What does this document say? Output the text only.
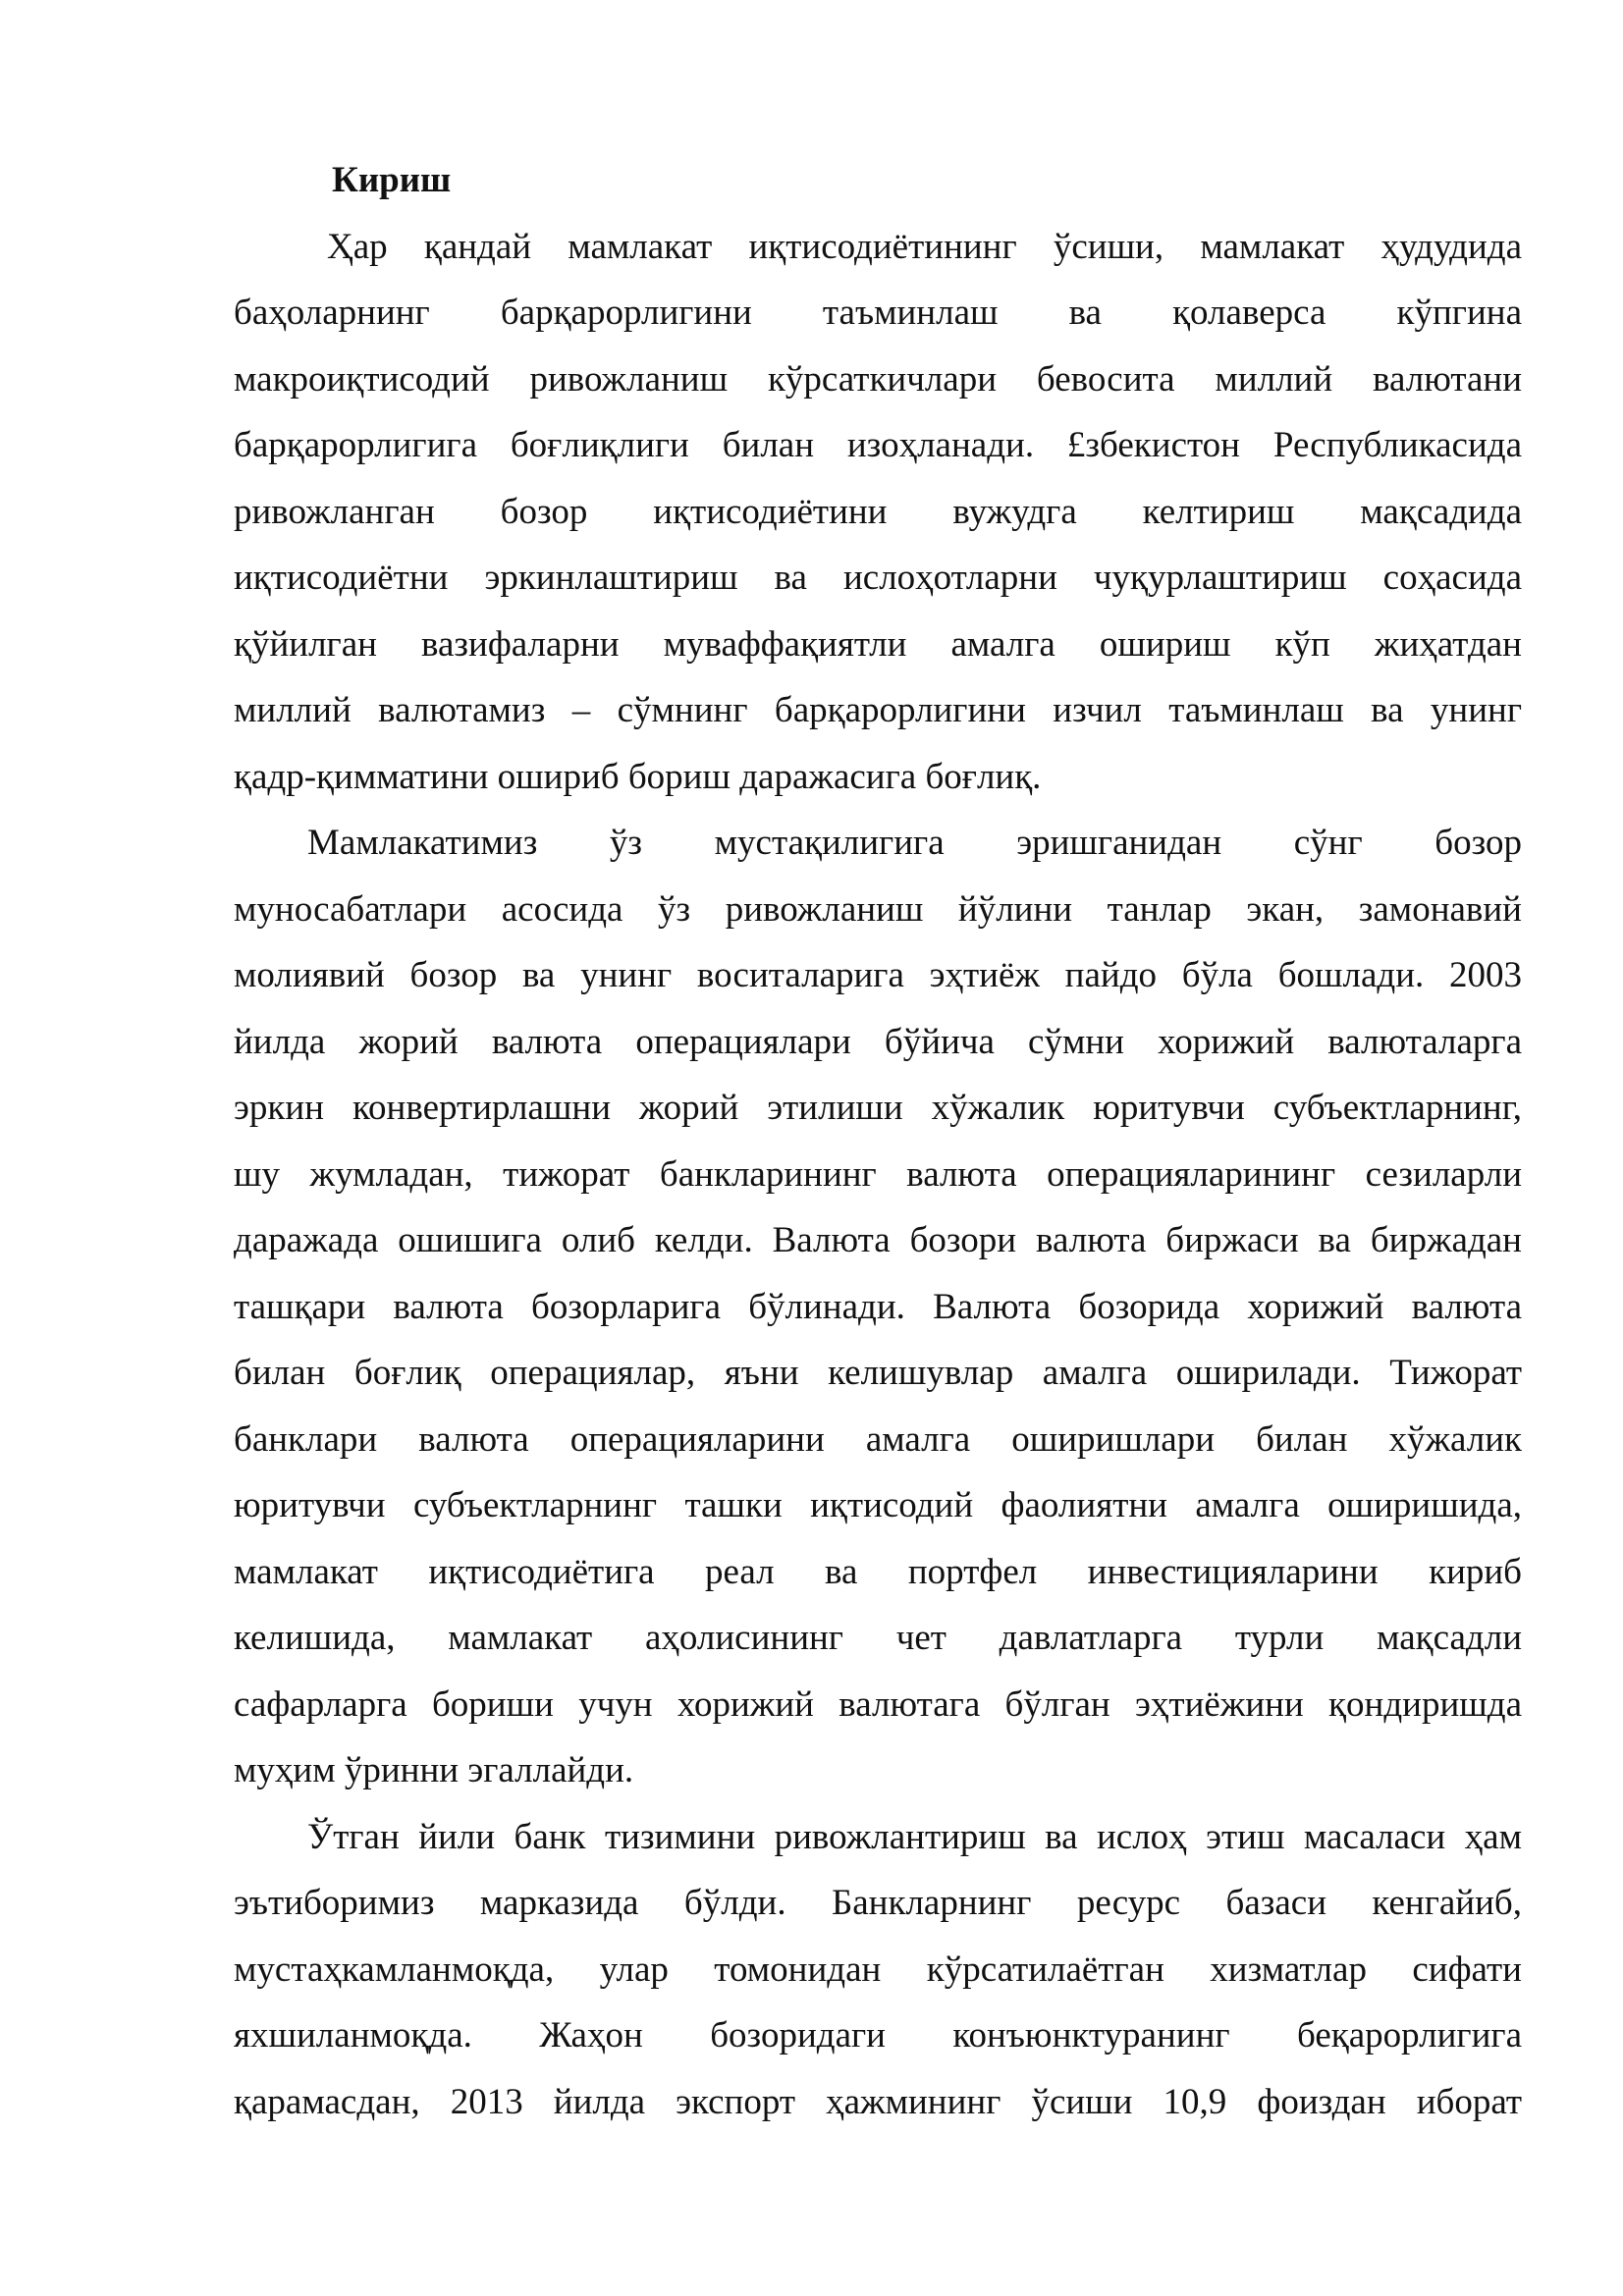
Кириш
Ҳар қандай мамлакат иқтисодиётининг ўсиши, мамлакат ҳудудида
баҳоларнинг барқарорлигини таъминлаш ва қолаверса кўпгина
макроиқтисодий ривожланиш кўрсаткичлари бевосита миллий валютани
барқарорлигига боғлиқлиги билан изоҳланади. £збекистон Республикасида
ривожланган бозор иқтисодиётини вужудга келтириш мақсадида
иқтисодиётни эркинлаштириш ва ислоҳотларни чуқурлаштириш соҳасида
қўйилган вазифаларни муваффақиятли амалга ошириш кўп жиҳатдан
миллий валютамиз – сўмнинг барқарорлигини изчил таъминлаш ва унинг
қадр-қимматини ошириб бориш даражасига боғлиқ.
Мамлакатимиз ўз мустақилигига эришганидан сўнг бозор
муносабатлари асосида ўз ривожланиш йўлини танлар экан, замонавий
молиявий бозор ва унинг воситаларига эҳтиёж пайдо бўла бошлади. 2003
йилда жорий валюта операциялари бўйича сўмни хорижий валюталарга
эркин конвертирлашни жорий этилиши хўжалик юритувчи субъектларнинг,
шу жумладан, тижорат банкларининг валюта операцияларининг сезиларли
даражада ошишига олиб келди. Валюта бозори валюта биржаси ва биржадан
ташқари валюта бозорларига бўлинади. Валюта бозорида хорижий валюта
билан боғлиқ операциялар, яъни келишувлар амалга оширилади. Тижорат
банклари валюта операцияларини амалга оширишлари билан хўжалик
юритувчи субъектларнинг ташки иқтисодий фаолиятни амалга оширишида,
мамлакат иқтисодиётига реал ва портфел инвестицияларини кириб
келишида, мамлакат аҳолисининг чет давлатларга турли мақсадли
сафарларга бориши учун хорижий валютага бўлган эҳтиёжини қондиришда
муҳим ўринни эгаллайди.
Ўтган йили банк тизимини ривожлантириш ва ислоҳ этиш масаласи ҳам
эътиборимиз марказида бўлди. Банкларнинг ресурс базаси кенгайиб,
мустаҳкамланмоқда, улар томонидан кўрсатилаётган хизматлар сифати
яхшиланмоқда. Жаҳон бозоридаги конъюнктуранинг беқарорлигига
қарамасдан, 2013 йилда экспорт ҳажмининг ўсиши 10,9 фоиздан иборат
